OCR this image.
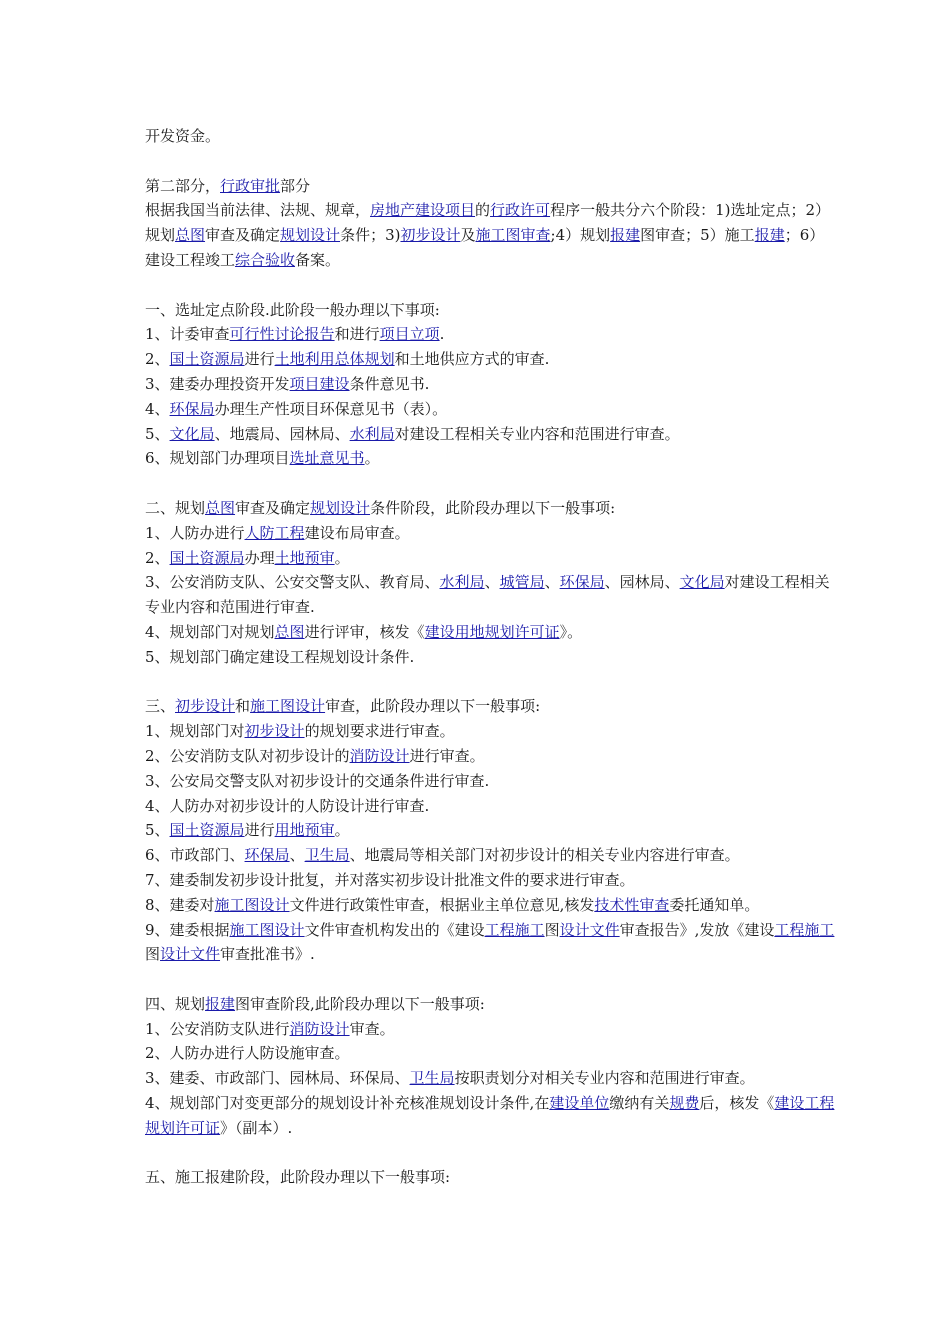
开发资金。

第二部分，行政审批部分

根据我国当前法律、法规、规章，房地产建设项目的行政许可程序一般共分六个阶段：1)选址定点；2）规划总图审查及确定规划设计条件；3)初步设计及施工图审查;4）规划报建图审查；5）施工报建；6）建设工程竣工综合验收备案。

一、选址定点阶段.此阶段一般办理以下事项:

1、计委审查可行性讨论报告和进行项目立项.

2、国土资源局进行土地利用总体规划和土地供应方式的审查.

3、建委办理投资开发项目建设条件意见书.

4、环保局办理生产性项目环保意见书（表）。

5、文化局、地震局、园林局、水利局对建设工程相关专业内容和范围进行审查。

6、规划部门办理项目选址意见书。

二、规划总图审查及确定规划设计条件阶段，此阶段办理以下一般事项:

1、人防办进行人防工程建设布局审查。

2、国土资源局办理土地预审。

3、公安消防支队、公安交警支队、教育局、水利局、城管局、环保局、园林局、文化局对建设工程相关专业内容和范围进行审查.

4、规划部门对规划总图进行评审，核发《建设用地规划许可证》。

5、规划部门确定建设工程规划设计条件.

三、初步设计和施工图设计审查，此阶段办理以下一般事项:

1、规划部门对初步设计的规划要求进行审查。

2、公安消防支队对初步设计的消防设计进行审查。

3、公安局交警支队对初步设计的交通条件进行审查.

4、人防办对初步设计的人防设计进行审查.

5、国土资源局进行用地预审。

6、市政部门、环保局、卫生局、地震局等相关部门对初步设计的相关专业内容进行审查。

7、建委制发初步设计批复，并对落实初步设计批准文件的要求进行审查。

8、建委对施工图设计文件进行政策性审查，根据业主单位意见,核发技术性审查委托通知单。

9、建委根据施工图设计文件审查机构发出的《建设工程施工图设计文件审查报告》,发放《建设工程施工图设计文件审查批准书》.

四、规划报建图审查阶段,此阶段办理以下一般事项:

1、公安消防支队进行消防设计审查。

2、人防办进行人防设施审查。

3、建委、市政部门、园林局、环保局、卫生局按职责划分对相关专业内容和范围进行审查。

4、规划部门对变更部分的规划设计补充核准规划设计条件,在建设单位缴纳有关规费后，核发《建设工程规划许可证》（副本）.

五、施工报建阶段，此阶段办理以下一般事项:
